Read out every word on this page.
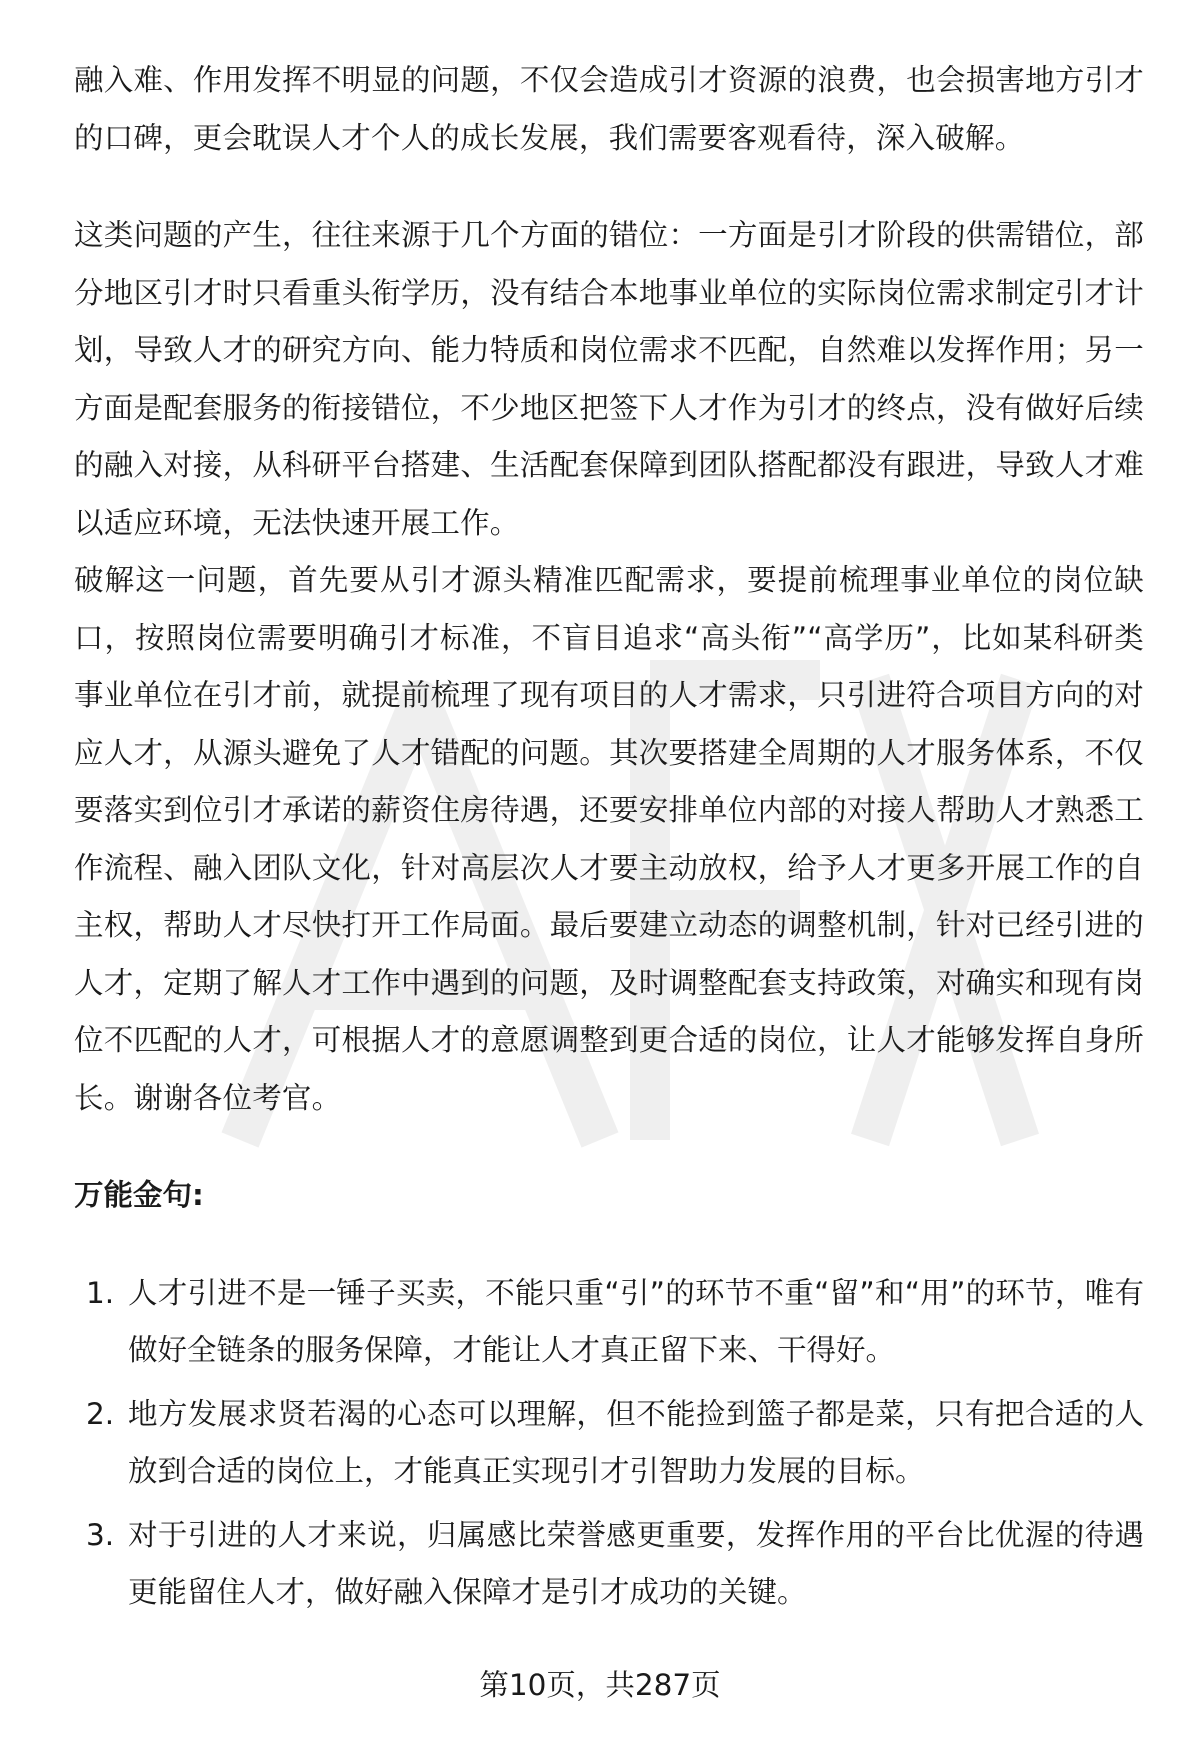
融入难、作用发挥不明显的问题，不仅会造成引才资源的浪费，也会损害地方引才的口碑，更会耽误人才个人的成长发展，我们需要客观看待，深入破解。

这类问题的产生，往往来源于几个方面的错位：一方面是引才阶段的供需错位，部分地区引才时只看重头衔学历，没有结合本地事业单位的实际岗位需求制定引才计划，导致人才的研究方向、能力特质和岗位需求不匹配，自然难以发挥作用；另一方面是配套服务的衔接错位，不少地区把签下人才作为引才的终点，没有做好后续的融入对接，从科研平台搭建、生活配套保障到团队搭配都没有跟进，导致人才难以适应环境，无法快速开展工作。

破解这一问题，首先要从引才源头精准匹配需求，要提前梳理事业单位的岗位缺口，按照岗位需要明确引才标准，不盲目追求“高头衔”“高学历”，比如某科研类事业单位在引才前，就提前梳理了现有项目的人才需求，只引进符合项目方向的对应人才，从源头避免了人才错配的问题。其次要搭建全周期的人才服务体系，不仅要落实到位引才承诺的薪资住房待遇，还要安排单位内部的对接人帮助人才熟悉工作流程、融入团队文化，针对高层次人才要主动放权，给予人才更多开展工作的自主权，帮助人才尽快打开工作局面。最后要建立动态的调整机制，针对已经引进的人才，定期了解人才工作中遇到的问题，及时调整配套支持政策，对确实和现有岗位不匹配的人才，可根据人才的意愿调整到更合适的岗位，让人才能够发挥自身所长。谢谢各位考官。

万能金句:

1. 人才引进不是一锤子买卖，不能只重“引”的环节不重“留”和“用”的环节，唯有做好全链条的服务保障，才能让人才真正留下来、干得好。
2. 地方发展求贤若渴的心态可以理解，但不能捡到篮子都是菜，只有把合适的人放到合适的岗位上，才能真正实现引才引智助力发展的目标。
3. 对于引进的人才来说，归属感比荣誉感更重要，发挥作用的平台比优渥的待遇更能留住人才，做好融入保障才是引才成功的关键。
第10页，共287页
